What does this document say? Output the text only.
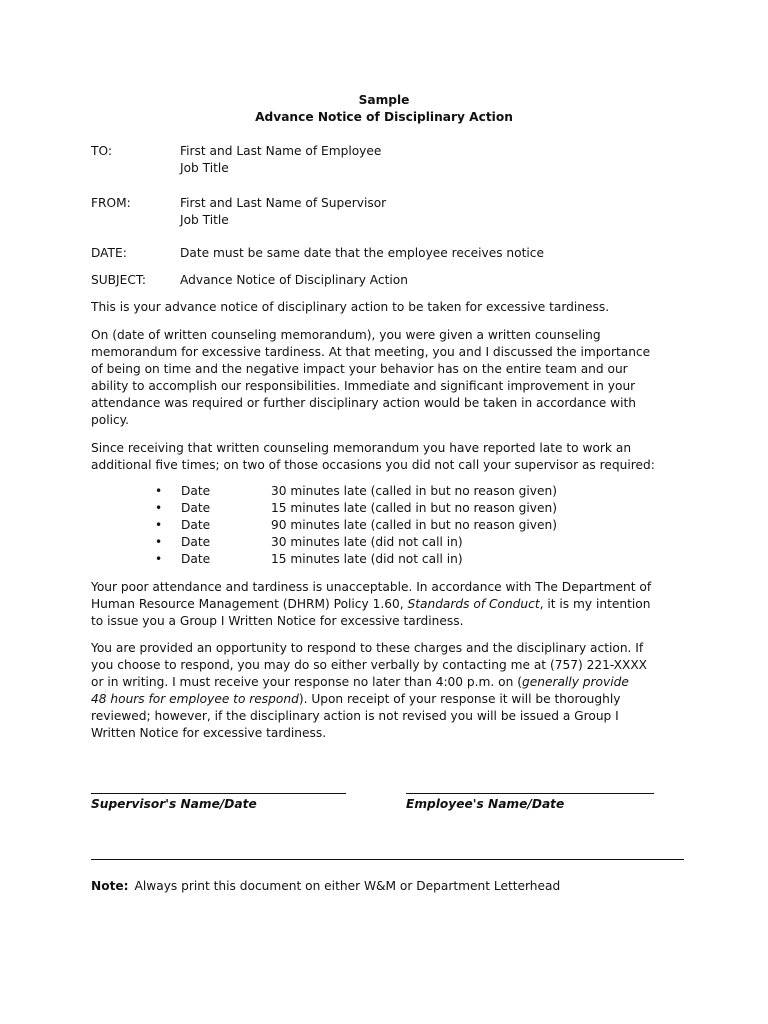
Sample
Advance Notice of Disciplinary Action
TO:	First and Last Name of Employee
Job Title
FROM:	First and Last Name of Supervisor
Job Title
DATE:	Date must be same date that the employee receives notice
SUBJECT:	Advance Notice of Disciplinary Action
This is your advance notice of disciplinary action to be taken for excessive tardiness.
On (date of written counseling memorandum), you were given a written counseling
memorandum for excessive tardiness. At that meeting, you and I discussed the importance
of being on time and the negative impact your behavior has on the entire team and our
ability to accomplish our responsibilities. Immediate and significant improvement in your
attendance was required or further disciplinary action would be taken in accordance with
policy.
Since receiving that written counseling memorandum you have reported late to work an
additional five times; on two of those occasions you did not call your supervisor as required:
• Date	30 minutes late (called in but no reason given)
• Date	15 minutes late (called in but no reason given)
• Date	90 minutes late (called in but no reason given)
• Date	30 minutes late (did not call in)
• Date	15 minutes late (did not call in)
Your poor attendance and tardiness is unacceptable. In accordance with The Department of
Human Resource Management (DHRM) Policy 1.60, Standards of Conduct, it is my intention
to issue you a Group I Written Notice for excessive tardiness.
You are provided an opportunity to respond to these charges and the disciplinary action. If
you choose to respond, you may do so either verbally by contacting me at (757) 221-XXXX
or in writing. I must receive your response no later than 4:00 p.m. on (generally provide
48 hours for employee to respond). Upon receipt of your response it will be thoroughly
reviewed; however, if the disciplinary action is not revised you will be issued a Group I
Written Notice for excessive tardiness.
Supervisor's Name/Date	Employee's Name/Date
Note: Always print this document on either W&M or Department Letterhead
